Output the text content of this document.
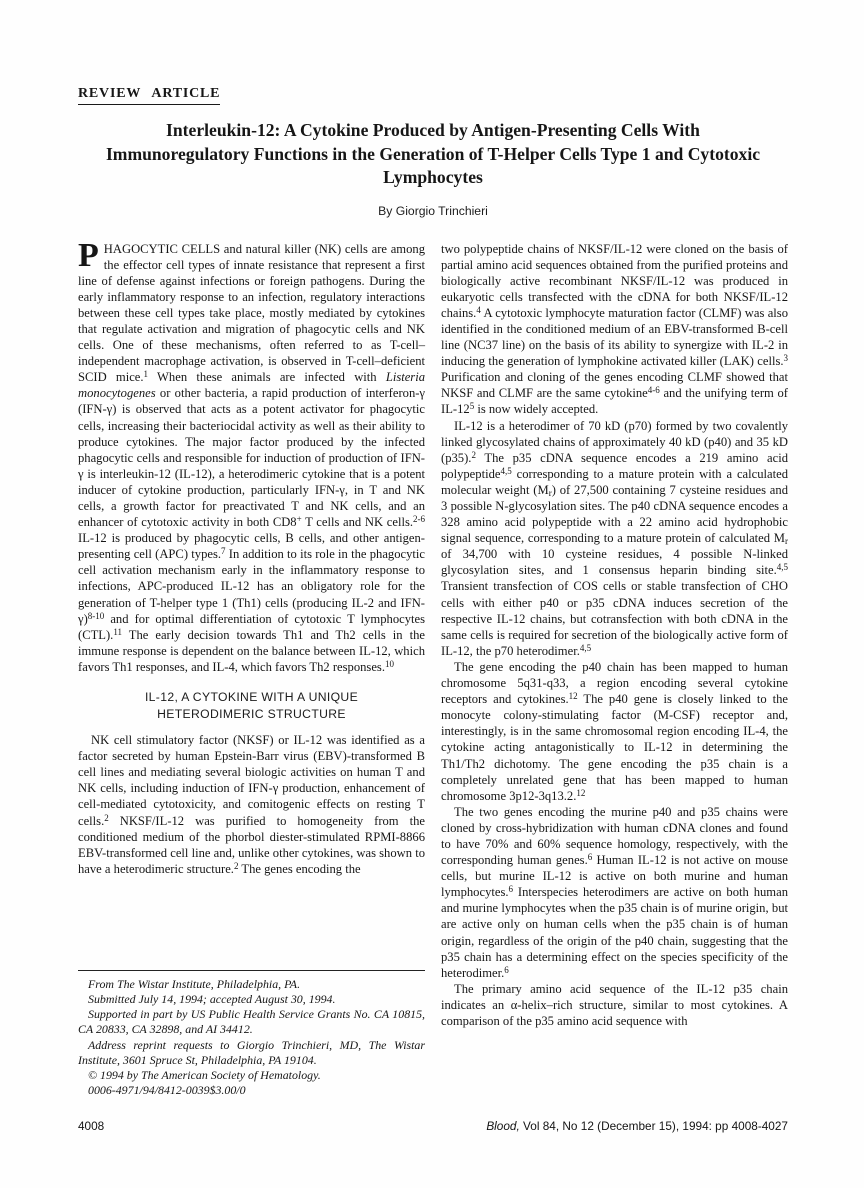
REVIEW ARTICLE
Interleukin-12: A Cytokine Produced by Antigen-Presenting Cells With Immunoregulatory Functions in the Generation of T-Helper Cells Type 1 and Cytotoxic Lymphocytes
By Giorgio Trinchieri

PHAGOCYTIC CELLS and natural killer (NK) cells are among the effector cell types of innate resistance that represent a first line of defense against infections or foreign pathogens. During the early inflammatory response to an infection, regulatory interactions between these cell types take place, mostly mediated by cytokines that regulate activation and migration of phagocytic cells and NK cells. One of these mechanisms, often referred to as T-cell–independent macrophage activation, is observed in T-cell–deficient SCID mice.$^1$ When these animals are infected with Listeria monocytogenes or other bacteria, a rapid production of interferon-γ (IFN-γ) is observed that acts as a potent activator for phagocytic cells, increasing their bacteriocidal activity as well as their ability to produce cytokines. The major factor produced by the infected phagocytic cells and responsible for induction of production of IFN-γ is interleukin-12 (IL-12), a heterodimeric cytokine that is a potent inducer of cytokine production, particularly IFN-γ, in T and NK cells, a growth factor for preactivated T and NK cells, and an enhancer of cytotoxic activity in both CD8+ T cells and NK cells.$^{2-6}$ IL-12 is produced by phagocytic cells, B cells, and other antigen-presenting cell (APC) types.$^7$ In addition to its role in the phagocytic cell activation mechanism early in the inflammatory response to infections, APC-produced IL-12 has an obligatory role for the generation of T-helper type 1 (Th1) cells (producing IL-2 and IFN-γ)$^{8-10}$ and for optimal differentiation of cytotoxic T lymphocytes (CTL).$^{11}$ The early decision towards Th1 and Th2 cells in the immune response is dependent on the balance between IL-12, which favors Th1 responses, and IL-4, which favors Th2 responses.$^{10}$

IL-12, A CYTOKINE WITH A UNIQUE HETERODIMERIC STRUCTURE

NK cell stimulatory factor (NKSF) or IL-12 was identified as a factor secreted by human Epstein-Barr virus (EBV)-transformed B cell lines and mediating several biologic activities on human T and NK cells, including induction of IFN-γ production, enhancement of cell-mediated cytotoxicity, and comitogenic effects on resting T cells.$^2$ NKSF/IL-12 was purified to homogeneity from the conditioned medium of the phorbol diester-stimulated RPMI-8866 EBV-transformed cell line and, unlike other cytokines, was shown to have a heterodimeric structure.$^2$ The genes encoding the

From The Wistar Institute, Philadelphia, PA.

Submitted July 14, 1994; accepted August 30, 1994.

Supported in part by US Public Health Service Grants No. CA 10815, CA 20833, CA 32898, and AI 34412.

Address reprint requests to Giorgio Trinchieri, MD, The Wistar Institute, 3601 Spruce St, Philadelphia, PA 19104.

© 1994 by The American Society of Hematology.

0006-4971/94/8412-0039$3.00/0

two polypeptide chains of NKSF/IL-12 were cloned on the basis of partial amino acid sequences obtained from the purified proteins and biologically active recombinant NKSF/IL-12 was produced in eukaryotic cells transfected with the cDNA for both NKSF/IL-12 chains.$^4$ A cytotoxic lymphocyte maturation factor (CLMF) was also identified in the conditioned medium of an EBV-transformed B-cell line (NC37 line) on the basis of its ability to synergize with IL-2 in inducing the generation of lymphokine activated killer (LAK) cells.$^3$ Purification and cloning of the genes encoding CLMF showed that NKSF and CLMF are the same cytokine$^{4-6}$ and the unifying term of $IL-12^5$ is now widely accepted.

IL-12 is a heterodimer of 70 kD (p70) formed by two covalently linked glycosylated chains of approximately 40 kD (p40) and 35 kD (p35).$^2$ The p35 cDNA sequence encodes a 219 amino acid polypeptide$^{4,5}$ corresponding to a mature protein with a calculated molecular weight $(M_r)$ of 27,500 containing 7 cysteine residues and 3 possible N-glycosylation sites. The p40 cDNA sequence encodes a 328 amino acid polypeptide with a 22 amino acid hydrophobic signal sequence, corresponding to a mature protein of calculated $M_r$ of 34,700 with 10 cysteine residues, 4 possible N-linked glycosylation sites, and 1 consensus heparin binding site.$^{4,5}$ Transient transfection of COS cells or stable transfection of CHO cells with either p40 or p35 cDNA induces secretion of the respective IL-12 chains, but cotransfection with both cDNA in the same cells is required for secretion of the biologically active form of IL-12, the p70 heterodimer.$^{4,5}$

The gene encoding the p40 chain has been mapped to human chromosome 5q31-q33, a region encoding several cytokine receptors and cytokines.$^{12}$ The p40 gene is closely linked to the monocyte colony-stimulating factor (M-CSF) receptor and, interestingly, is in the same chromosomal region encoding IL-4, the cytokine acting antagonistically to IL-12 in determining the Th1/Th2 dichotomy. The gene encoding the p35 chain is a completely unrelated gene that has been mapped to human chromosome 3p12-3q13.2.12

The two genes encoding the murine p40 and p35 chains were cloned by cross-hybridization with human cDNA clones and found to have 70% and 60% sequence homology, respectively, with the corresponding human genes.$^6$ Human IL-12 is not active on mouse cells, but murine IL-12 is active on both murine and human lymphocytes.$^6$ Interspecies heterodimers are active on both human and murine lymphocytes when the p35 chain is of murine origin, but are active only on human cells when the p35 chain is of human origin, regardless of the origin of the p40 chain, suggesting that the p35 chain has a determining effect on the species specificity of the heterodimer.$^6$

The primary amino acid sequence of the IL-12 p35 chain indicates an α-helix–rich structure, similar to most cytokines. A comparison of the p35 amino acid sequence with

4008	Blood, Vol 84, No 12 (December 15), 1994: pp 4008-4027
